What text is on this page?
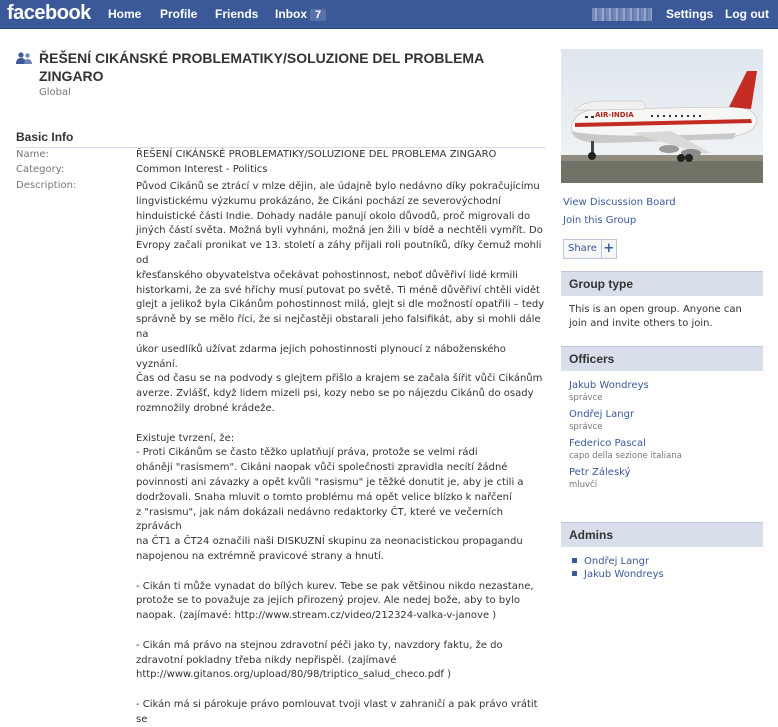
facebook Home Profile Friends Inbox 7	Settings Log out
ŘEŠENÍ CIKÁNSKÉ PROBLEMATIKY/SOLUZIONE DEL PROBLEMA ZINGARO
Global
Basic Info
Name:	ŘEŠENÍ CIKÁNSKÉ PROBLEMATIKY/SOLUZIONE DEL PROBLEMA ZINGARO
Category:	Common Interest - Politics
Description:	Původ Cikánů se ztrácí v mlze dějin, ale údajně bylo nedávno díky pokračujícímu
lingvistickému výzkumu prokázáno, že Cikáni pochází ze severovýchodní
hinduistické části Indie. Dohady nadále panují okolo důvodů, proč migrovali do
jiných částí světa. Možná byli vyhnáni, možná jen žili v bídě a nechtěli vymřít. Do
Evropy začali pronikat ve 13. století a záhy přijali roli poutníků, díky čemuž mohli od
křesťanského obyvatelstva očekávat pohostinnost, neboť důvěřiví lidé krmili
historkami, že za své hříchy musí putovat po světě. Ti méně důvěřiví chtěli vidět
glejt a jelikož byla Cikánům pohostinnost milá, glejt si dle možností opatřili – tedy
správně by se mělo říci, že si nejčastěji obstarali jeho falsifikát, aby si mohli dále na
úkor usedlíků užívat zdarma jejich pohostinnosti plynoucí z náboženského vyznání.
Čas od času se na podvody s glejtem přišlo a krajem se začala šířit vůči Cikánům
averze. Zvlášť, když lidem mizeli psi, kozy nebo se po nájezdu Cikánů do osady
rozmnožily drobné krádeže.

Existuje tvrzení, že:
- Proti Cikánům se často těžko uplatňují práva, protože se velmi rádi
oháněji "rasismem". Cikáni naopak vůči společnosti zpravidla necítí žádné
povinnosti ani závazky a opět kvůli "rasismu" je těžké donutit je, aby je ctili a
dodržovali. Snaha mluvit o tomto problému má opět velice blízko k nařčení
z "rasismu", jak nám dokázali nedávno redaktorky ČT, které ve večerních zprávách
na ČT1 a ČT24 označili naši DISKUZNÍ skupinu za neonacistickou propagandu
napojenou na extrémně pravicové strany a hnutí.

- Cikán ti může vynadat do bílých kurev. Tebe se pak většinou nikdo nezastane,
protože se to považuje za jejich přirozený projev. Ale nedej bože, aby to bylo
naopak. (zajímavé: http://www.stream.cz/video/212324-valka-v-janove )

- Cikán má právo na stejnou zdravotní péči jako ty, navzdory faktu, že do
zdravotní pokladny třeba nikdy nepřispěl. (zajímavé
http://www.gitanos.org/upload/80/98/triptico_salud_checo.pdf )

- Cikán má si párokuje právo pomlouvat tvoji vlast v zahraničí a pak právo vrátit se
AIR-INDIA
View Discussion Board
Join this Group
Share +
Group type
This is an open group. Anyone can join and invite others to join.
Officers
Jakub Wondreys
správce
Ondřej Langr
správce
Federico Pascal
capo della sezione italiana
Petr Záleský
mluvčí
Admins
Ondřej Langr
Jakub Wondreys
